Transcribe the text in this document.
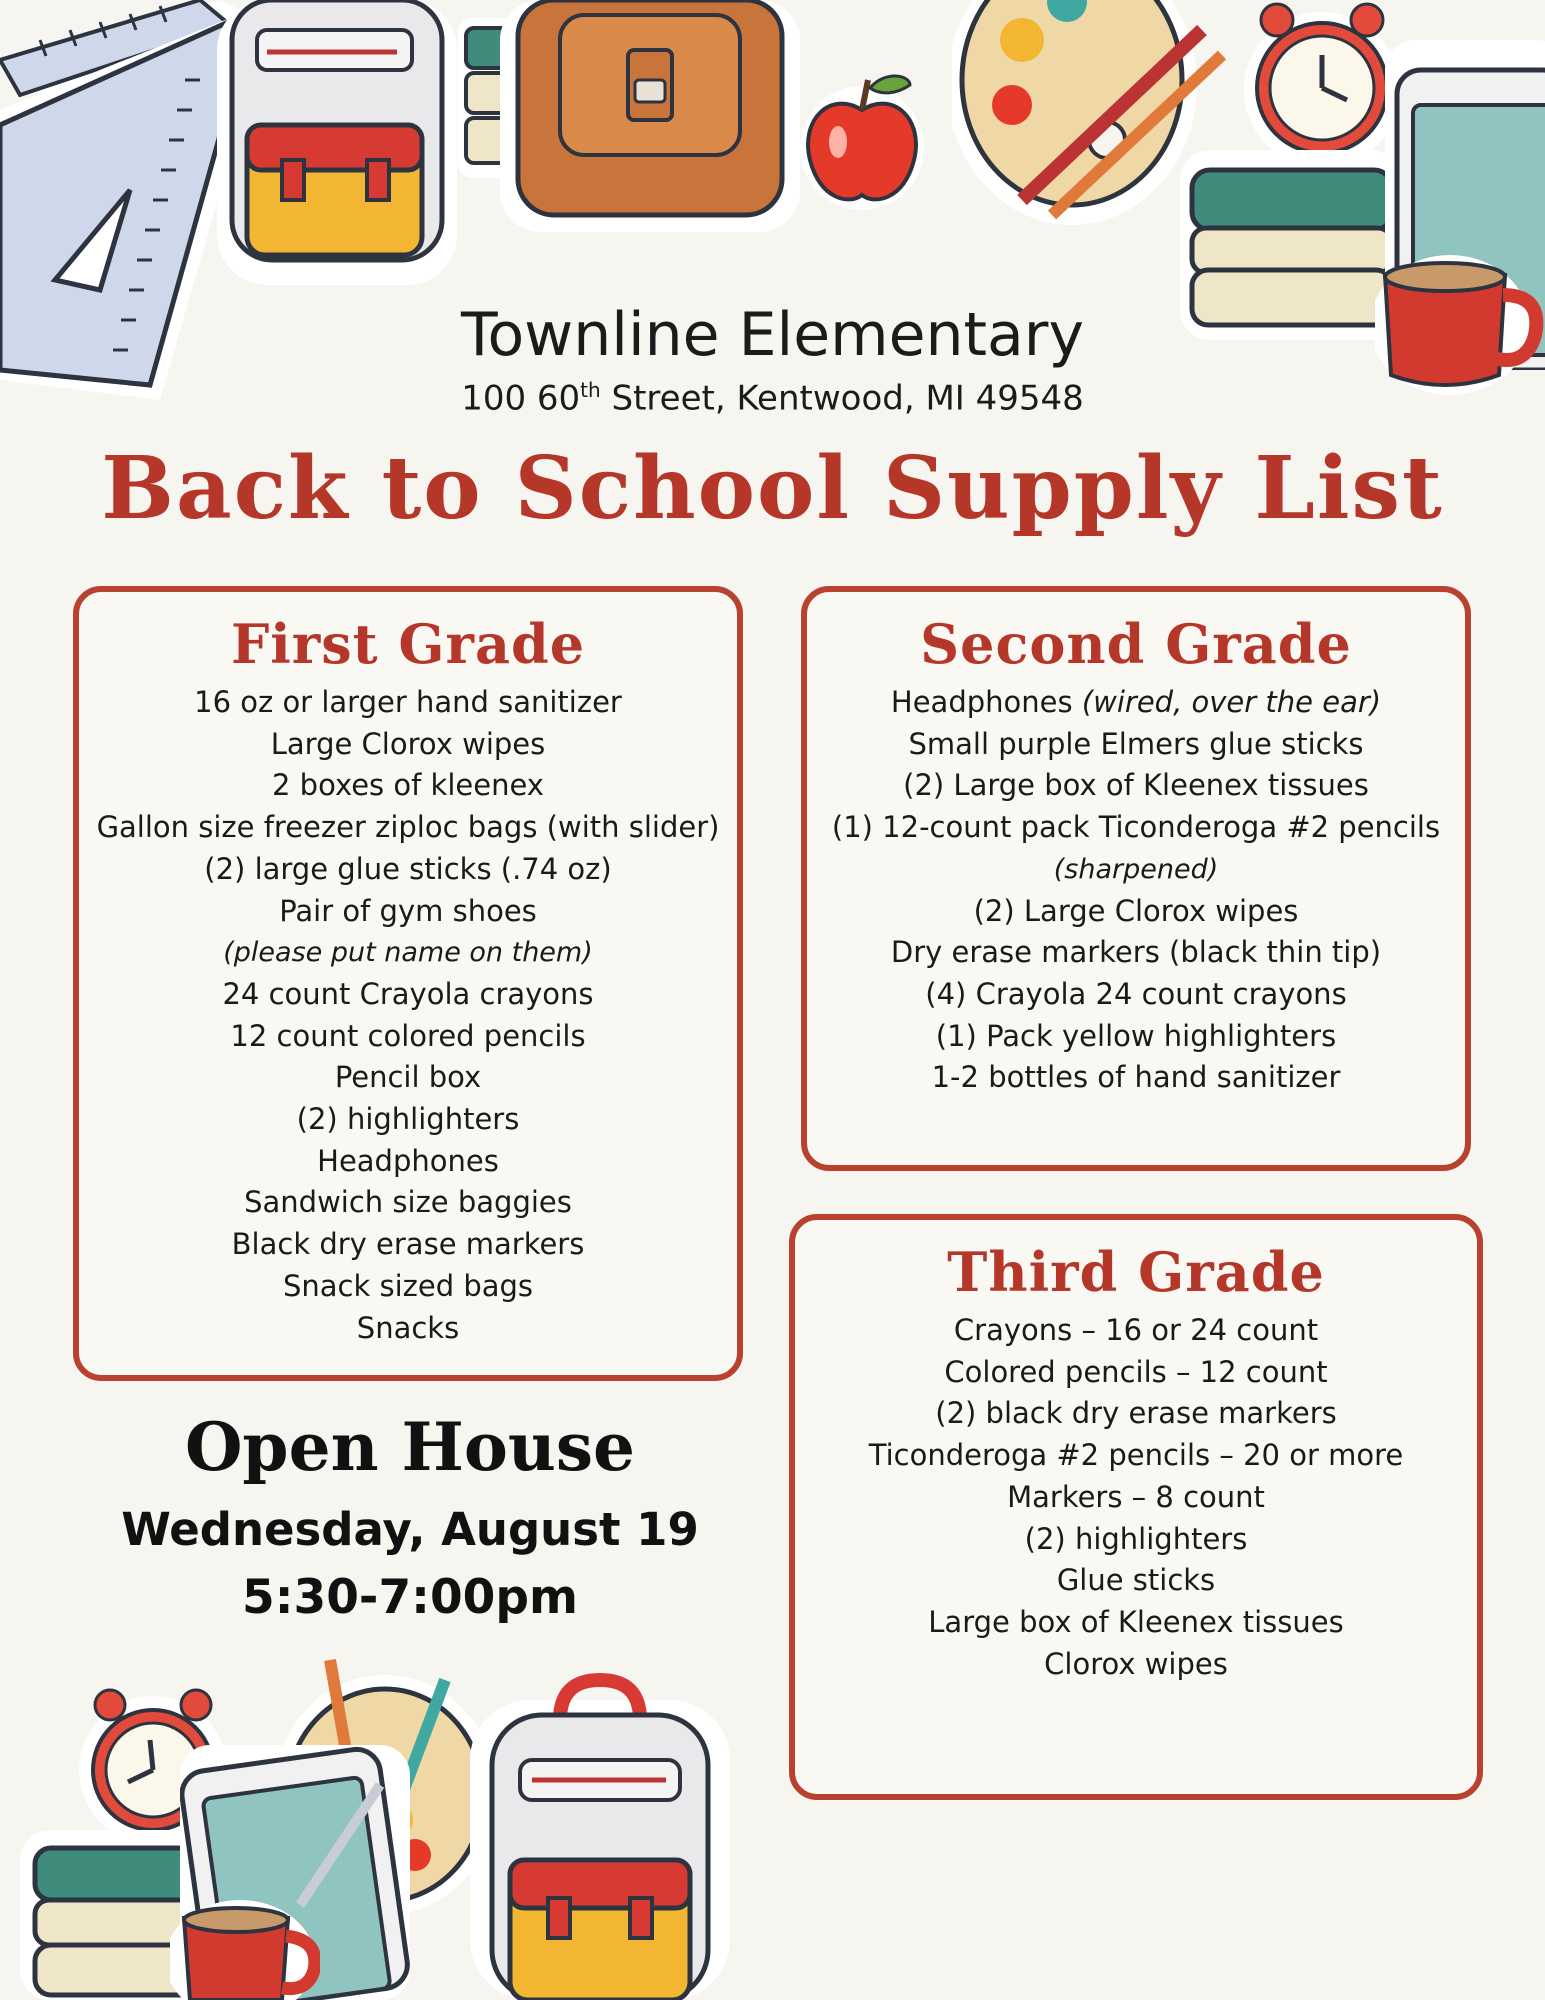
Townline Elementary
100 60th Street, Kentwood, MI 49548
Back to School Supply List
First Grade
16 oz or larger hand sanitizer
Large Clorox wipes
2 boxes of kleenex
Gallon size freezer ziploc bags (with slider)
(2) large glue sticks (.74 oz)
Pair of gym shoes
(please put name on them)
24 count Crayola crayons
12 count colored pencils
Pencil box
(2) highlighters
Headphones
Sandwich size baggies
Black dry erase markers
Snack sized bags
Snacks
Second Grade
Headphones (wired, over the ear)
Small purple Elmers glue sticks
(2) Large box of Kleenex tissues
(1) 12-count pack Ticonderoga #2 pencils
(sharpened)
(2) Large Clorox wipes
Dry erase markers (black thin tip)
(4) Crayola 24 count crayons
(1) Pack yellow highlighters
1-2 bottles of hand sanitizer
Third Grade
Crayons – 16 or 24 count
Colored pencils – 12 count
(2) black dry erase markers
Ticonderoga #2 pencils – 20 or more
Markers – 8 count
(2) highlighters
Glue sticks
Large box of Kleenex tissues
Clorox wipes
Open House
Wednesday, August 19
5:30-7:00pm
